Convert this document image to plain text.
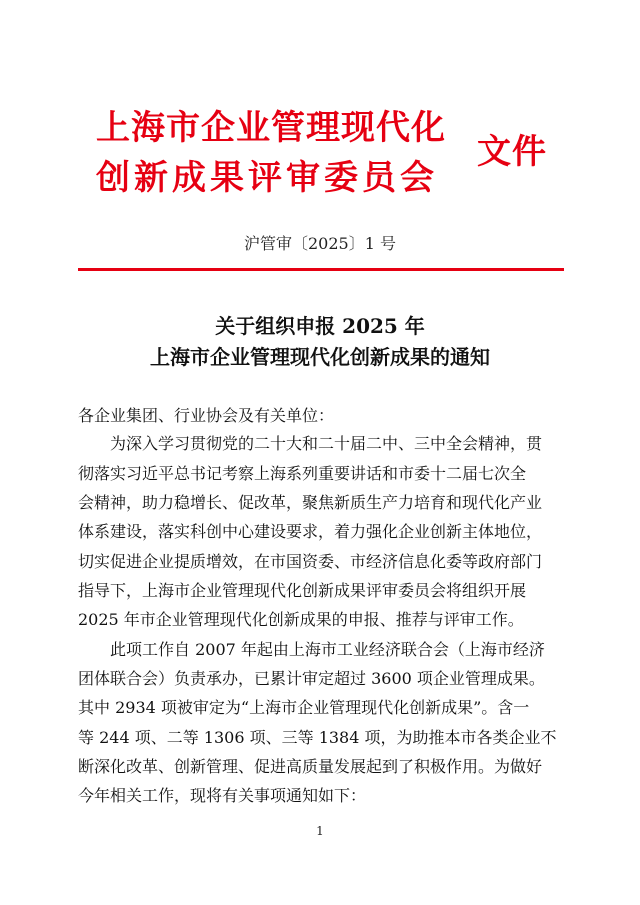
上海市企业管理现代化
创新成果评审委员会
文件
沪管审〔2025〕1 号
关于组织申报 2025 年
上海市企业管理现代化创新成果的通知
各企业集团、行业协会及有关单位：
为深入学习贯彻党的二十大和二十届二中、三中全会精神，贯
彻落实习近平总书记考察上海系列重要讲话和市委十二届七次全
会精神，助力稳增长、促改革，聚焦新质生产力培育和现代化产业
体系建设，落实科创中心建设要求，着力强化企业创新主体地位，
切实促进企业提质增效，在市国资委、市经济信息化委等政府部门
指导下，上海市企业管理现代化创新成果评审委员会将组织开展
2025 年市企业管理现代化创新成果的申报、推荐与评审工作。
此项工作自 2007 年起由上海市工业经济联合会（上海市经济
团体联合会）负责承办，已累计审定超过 3600 项企业管理成果。
其中 2934 项被审定为“上海市企业管理现代化创新成果”。含一
等 244 项、二等 1306 项、三等 1384 项，为助推本市各类企业不
断深化改革、创新管理、促进高质量发展起到了积极作用。为做好
今年相关工作，现将有关事项通知如下：
1
